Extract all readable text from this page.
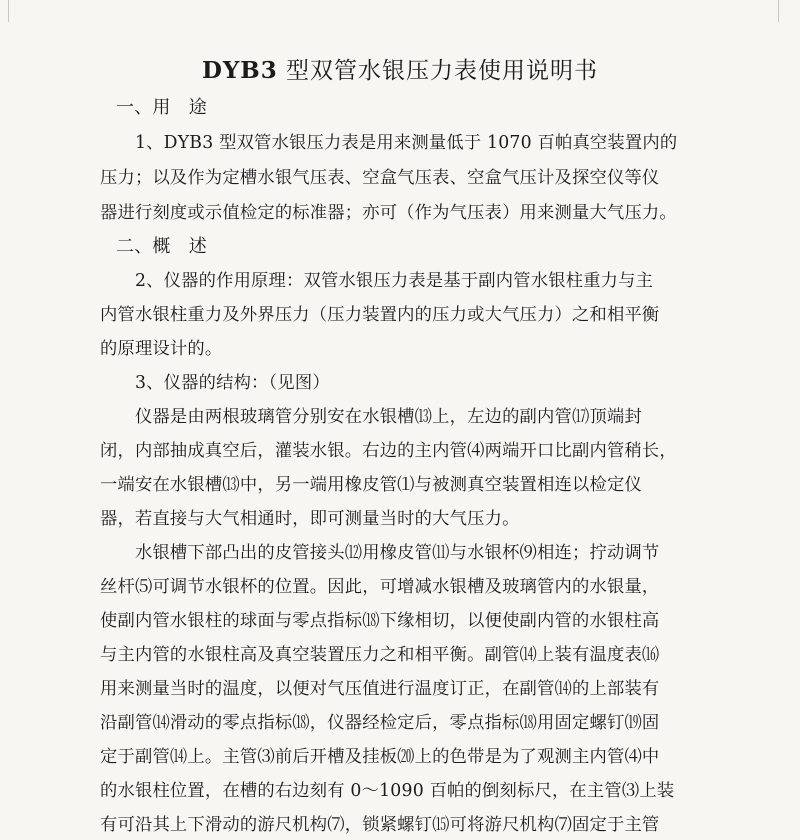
DYB3 型双管水银压力表使用说明书
一、用　途
　　1、DYB3 型双管水银压力表是用来测量低于 1070 百帕真空装置内的
压力；以及作为定槽水银气压表、空盒气压表、空盒气压计及探空仪等仪
器进行刻度或示值检定的标准器；亦可（作为气压表）用来测量大气压力。
二、概　述
　　2、仪器的作用原理：双管水银压力表是基于副内管水银柱重力与主
内管水银柱重力及外界压力（压力装置内的压力或大气压力）之和相平衡
的原理设计的。
　　3、仪器的结构：（见图）
　　仪器是由两根玻璃管分别安在水银槽⒀上，左边的副内管⒄顶端封
闭，内部抽成真空后，灌装水银。右边的主内管⑷两端开口比副内管稍长，
一端安在水银槽⒀中，另一端用橡皮管⑴与被测真空装置相连以检定仪
器，若直接与大气相通时，即可测量当时的大气压力。
　　水银槽下部凸出的皮管接头⑿用橡皮管⑾与水银杯⑼相连；拧动调节
丝杆⑸可调节水银杯的位置。因此，可增减水银槽及玻璃管内的水银量，
使副内管水银柱的球面与零点指标⒅下缘相切，以便使副内管的水银柱高
与主内管的水银柱高及真空装置压力之和相平衡。副管⒁上装有温度表⒃
用来测量当时的温度，以便对气压值进行温度订正，在副管⒁的上部装有
沿副管⒁滑动的零点指标⒅，仪器经检定后，零点指标⒅用固定螺钉⒆固
定于副管⒁上。主管⑶前后开槽及挂板⒇上的色带是为了观测主内管⑷中
的水银柱位置，在槽的右边刻有 0～1090 百帕的倒刻标尺，在主管⑶上装
有可沿其上下滑动的游尺机构⑺，锁紧螺钉⒂可将游尺机构⑺固定于主管
